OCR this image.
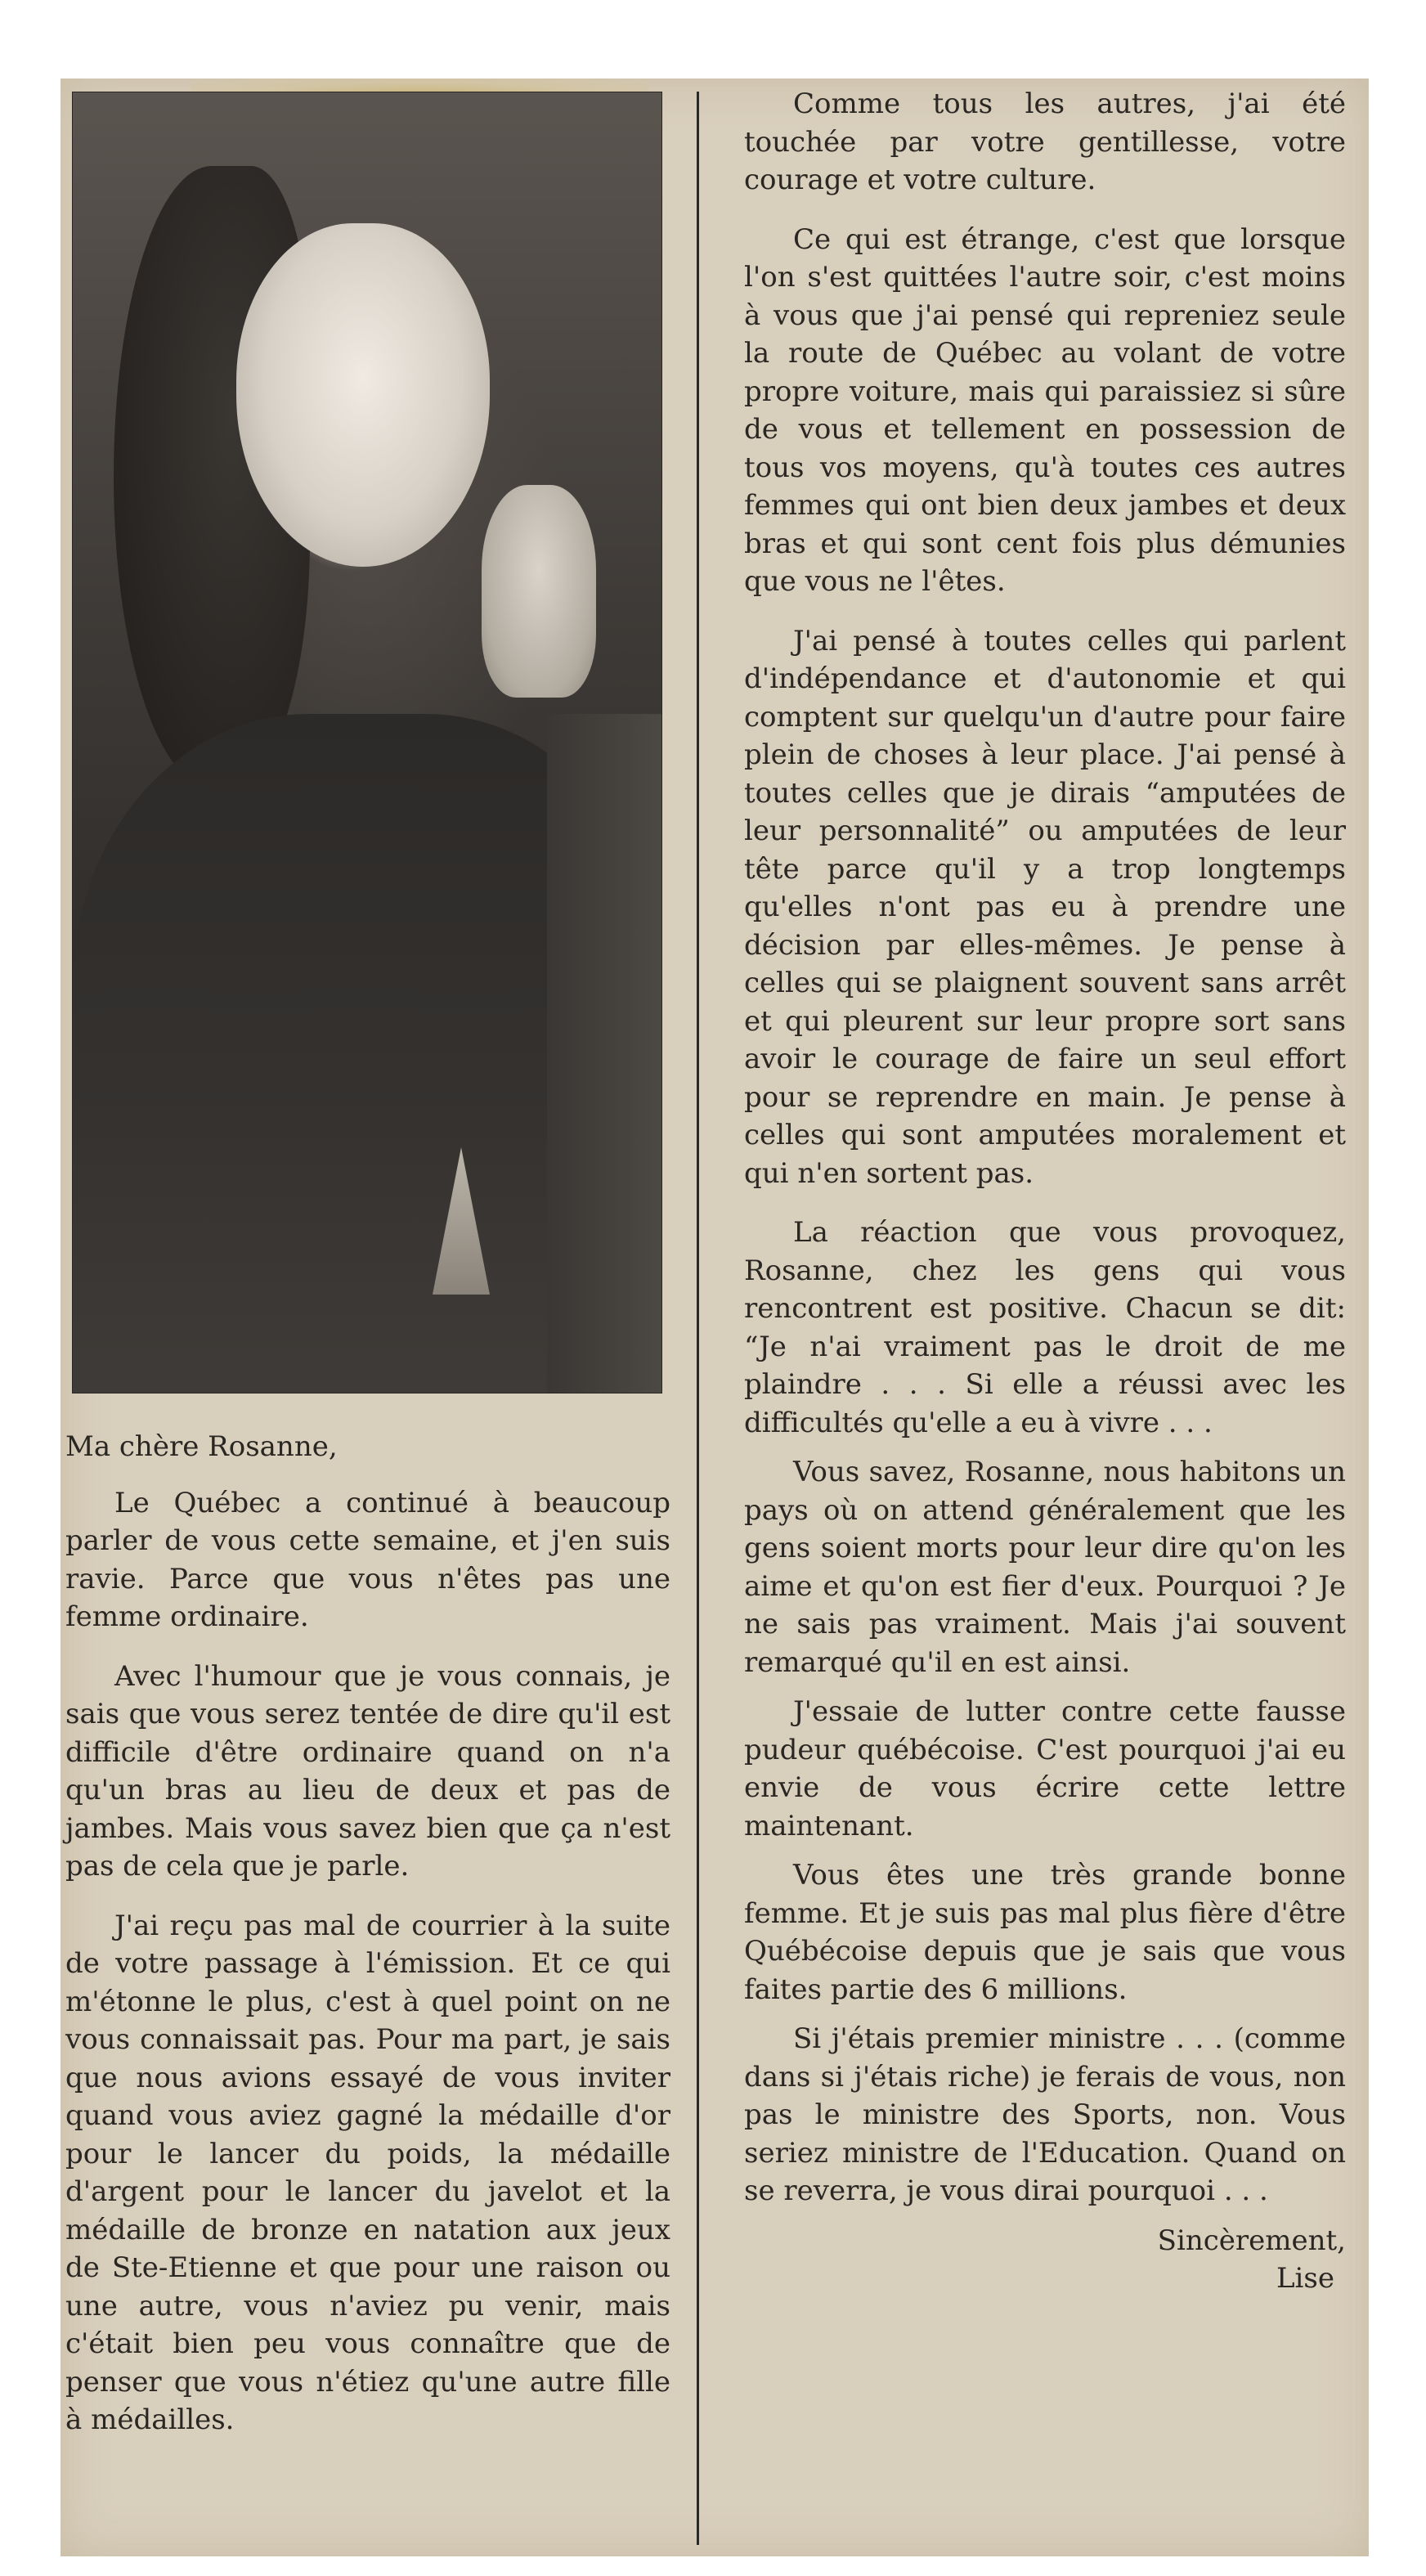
Ma chère Rosanne,

Le Québec a continué à beaucoup parler de vous cette semaine, et j'en suis ravie. Parce que vous n'êtes pas une femme ordinaire.

Avec l'humour que je vous connais, je sais que vous serez tentée de dire qu'il est difficile d'être ordinaire quand on n'a qu'un bras au lieu de deux et pas de jambes. Mais vous savez bien que ça n'est pas de cela que je parle.

J'ai reçu pas mal de courrier à la suite de votre passage à l'émission. Et ce qui m'étonne le plus, c'est à quel point on ne vous connaissait pas. Pour ma part, je sais que nous avions essayé de vous inviter quand vous aviez gagné la médaille d'or pour le lancer du poids, la médaille d'argent pour le lancer du javelot et la médaille de bronze en natation aux jeux de Ste-Etienne et que pour une raison ou une autre, vous n'aviez pu venir, mais c'était bien peu vous connaître que de penser que vous n'étiez qu'une autre fille à médailles.

Comme tous les autres, j'ai été touchée par votre gentillesse, votre courage et votre culture.

Ce qui est étrange, c'est que lorsque l'on s'est quittées l'autre soir, c'est moins à vous que j'ai pensé qui repreniez seule la route de Québec au volant de votre propre voiture, mais qui paraissiez si sûre de vous et tellement en possession de tous vos moyens, qu'à toutes ces autres femmes qui ont bien deux jambes et deux bras et qui sont cent fois plus démunies que vous ne l'êtes.

J'ai pensé à toutes celles qui parlent d'indépendance et d'autonomie et qui comptent sur quelqu'un d'autre pour faire plein de choses à leur place. J'ai pensé à toutes celles que je dirais “amputées de leur personnalité” ou amputées de leur tête parce qu'il y a trop longtemps qu'elles n'ont pas eu à prendre une décision par elles-mêmes. Je pense à celles qui se plaignent souvent sans arrêt et qui pleurent sur leur propre sort sans avoir le courage de faire un seul effort pour se reprendre en main. Je pense à celles qui sont amputées moralement et qui n'en sortent pas.

La réaction que vous provoquez, Rosanne, chez les gens qui vous rencontrent est positive. Chacun se dit: “Je n'ai vraiment pas le droit de me plaindre . . . Si elle a réussi avec les difficultés qu'elle a eu à vivre . . .

Vous savez, Rosanne, nous habitons un pays où on attend généralement que les gens soient morts pour leur dire qu'on les aime et qu'on est fier d'eux. Pourquoi ? Je ne sais pas vraiment. Mais j'ai souvent remarqué qu'il en est ainsi.

J'essaie de lutter contre cette fausse pudeur québécoise. C'est pourquoi j'ai eu envie de vous écrire cette lettre maintenant.

Vous êtes une très grande bonne femme. Et je suis pas mal plus fière d'être Québécoise depuis que je sais que vous faites partie des 6 millions.

Si j'étais premier ministre . . . (comme dans si j'étais riche) je ferais de vous, non pas le ministre des Sports, non. Vous seriez ministre de l'Education. Quand on se reverra, je vous dirai pourquoi . . .

Sincèrement,

Lise
